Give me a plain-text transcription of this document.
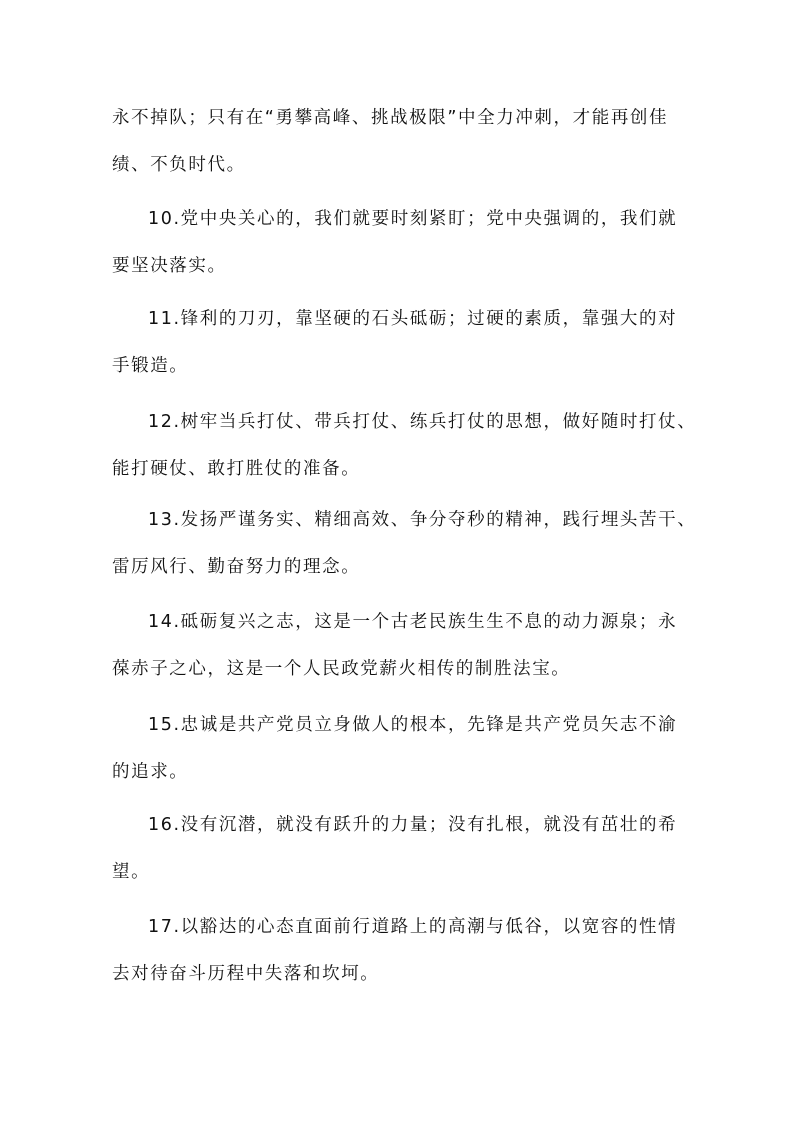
永不掉队；只有在“勇攀高峰、挑战极限”中全力冲刺，才能再创佳
绩、不负时代。
10.党中央关心的，我们就要时刻紧盯；党中央强调的，我们就
要坚决落实。
11.锋利的刀刃，靠坚硬的石头砥砺；过硬的素质，靠强大的对
手锻造。
12.树牢当兵打仗、带兵打仗、练兵打仗的思想，做好随时打仗、
能打硬仗、敢打胜仗的准备。
13.发扬严谨务实、精细高效、争分夺秒的精神，践行埋头苦干、
雷厉风行、勤奋努力的理念。
14.砥砺复兴之志，这是一个古老民族生生不息的动力源泉；永
葆赤子之心，这是一个人民政党薪火相传的制胜法宝。
15.忠诚是共产党员立身做人的根本，先锋是共产党员矢志不渝
的追求。
16.没有沉潜，就没有跃升的力量；没有扎根，就没有茁壮的希
望。
17.以豁达的心态直面前行道路上的高潮与低谷，以宽容的性情
去对待奋斗历程中失落和坎坷。
